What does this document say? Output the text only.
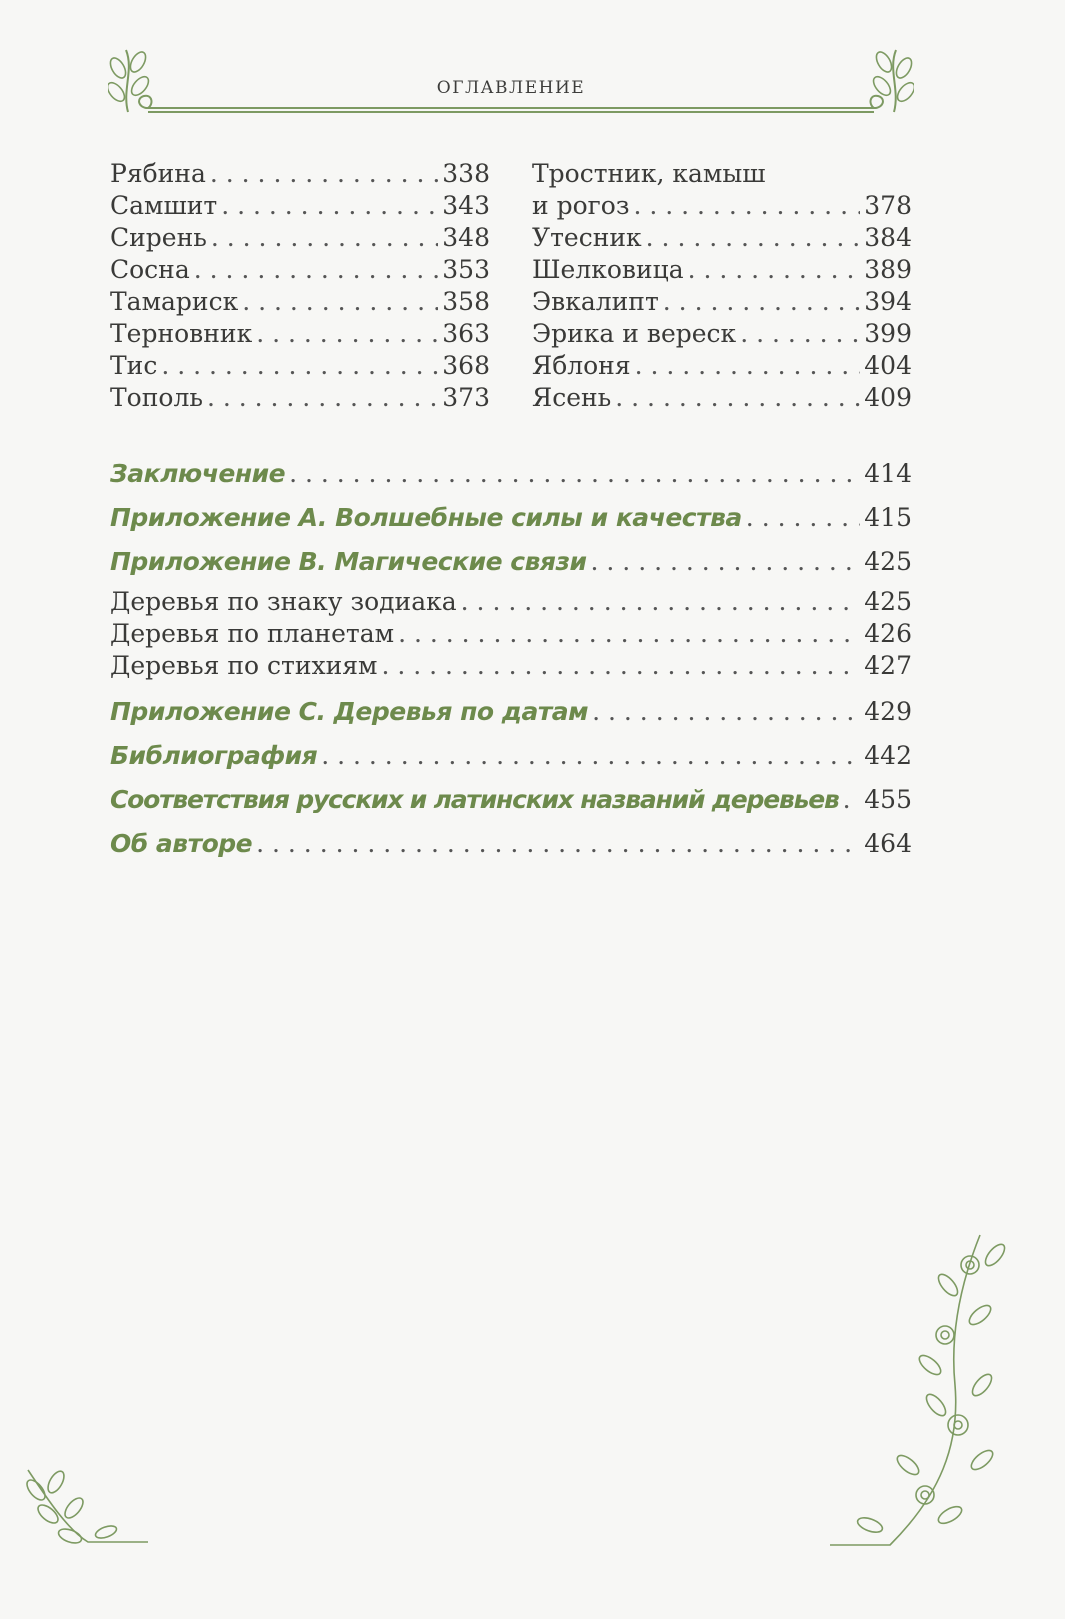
ОГЛАВЛЕНИЕ
Рябина . . .	338
Самшит . . .	343
Сирень . . .	348
Сосна . . .	353
Тамариск . . .	358
Терновник . . .	363
Тис . . .	368
Тополь . . .	373
Тростник, камыш
и рогоз . . .	378
Утесник . . .	384
Шелковица . . .	389
Эвкалипт . . .	394
Эрика и вереск . . .	399
Яблоня . . .	404
Ясень . . .	409
Заключение . . .	414
Приложение A. Волшебные силы и качества . . .	415
Приложение B. Магические связи . . .	425
Деревья по знаку зодиака . . .	425
Деревья по планетам . . .	426
Деревья по стихиям . . .	427
Приложение C. Деревья по датам . . .	429
Библиография . . .	442
Соответствия русских и латинских названий деревьев . . . 455
Об авторе . . .	464
